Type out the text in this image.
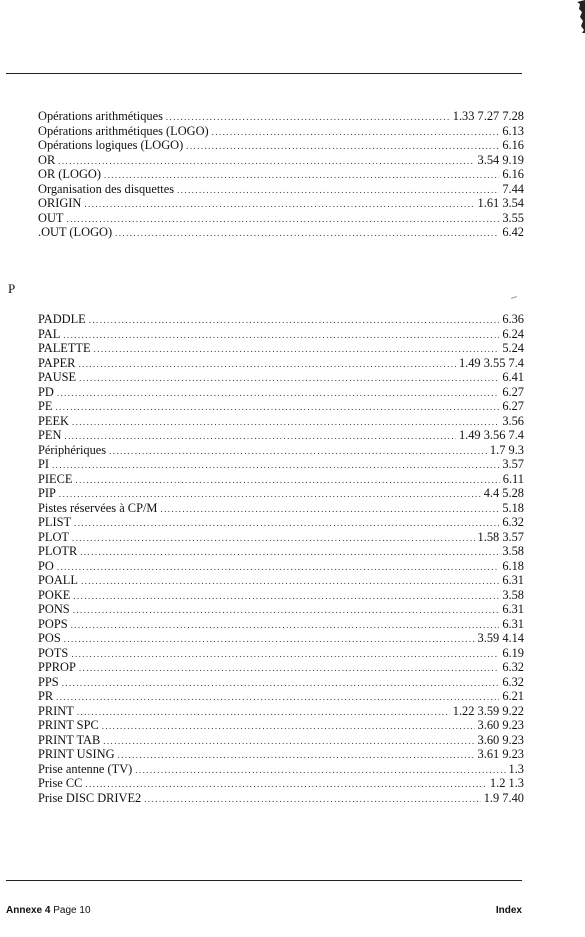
Opérations arithmétiques .....	1.33 7.27 7.28
Opérations arithmétiques (LOGO) .....	6.13
Opérations logiques (LOGO) .....	6.16
OR .....	3.54 9.19
OR (LOGO) .....	6.16
Organisation des disquettes .....	7.44
ORIGIN .....	1.61 3.54
OUT .....	3.55
.OUT (LOGO) .....	6.42
P
PADDLE .....	6.36
PAL .....	6.24
PALETTE .....	5.24
PAPER .....	1.49 3.55 7.4
PAUSE .....	6.41
PD .....	6.27
PE .....	6.27
PEEK .....	3.56
PEN .....	1.49 3.56 7.4
Périphériques .....	1.7 9.3
PI .....	3.57
PIECE .....	6.11
PIP .....	4.4 5.28
Pistes réservées à CP/M .....	5.18
PLIST .....	6.32
PLOT .....	1.58 3.57
PLOTR .....	3.58
PO .....	6.18
POALL .....	6.31
POKE .....	3.58
PONS .....	6.31
POPS .....	6.31
POS .....	3.59 4.14
POTS .....	6.19
PPROP .....	6.32
PPS .....	6.32
PR .....	6.21
PRINT .....	1.22 3.59 9.22
PRINT SPC .....	3.60 9.23
PRINT TAB .....	3.60 9.23
PRINT USING .....	3.61 9.23
Prise antenne (TV) .....	1.3
Prise CC .....	1.2 1.3
Prise DISC DRIVE2 .....	1.9 7.40
Annexe 4 Page 10	Index
